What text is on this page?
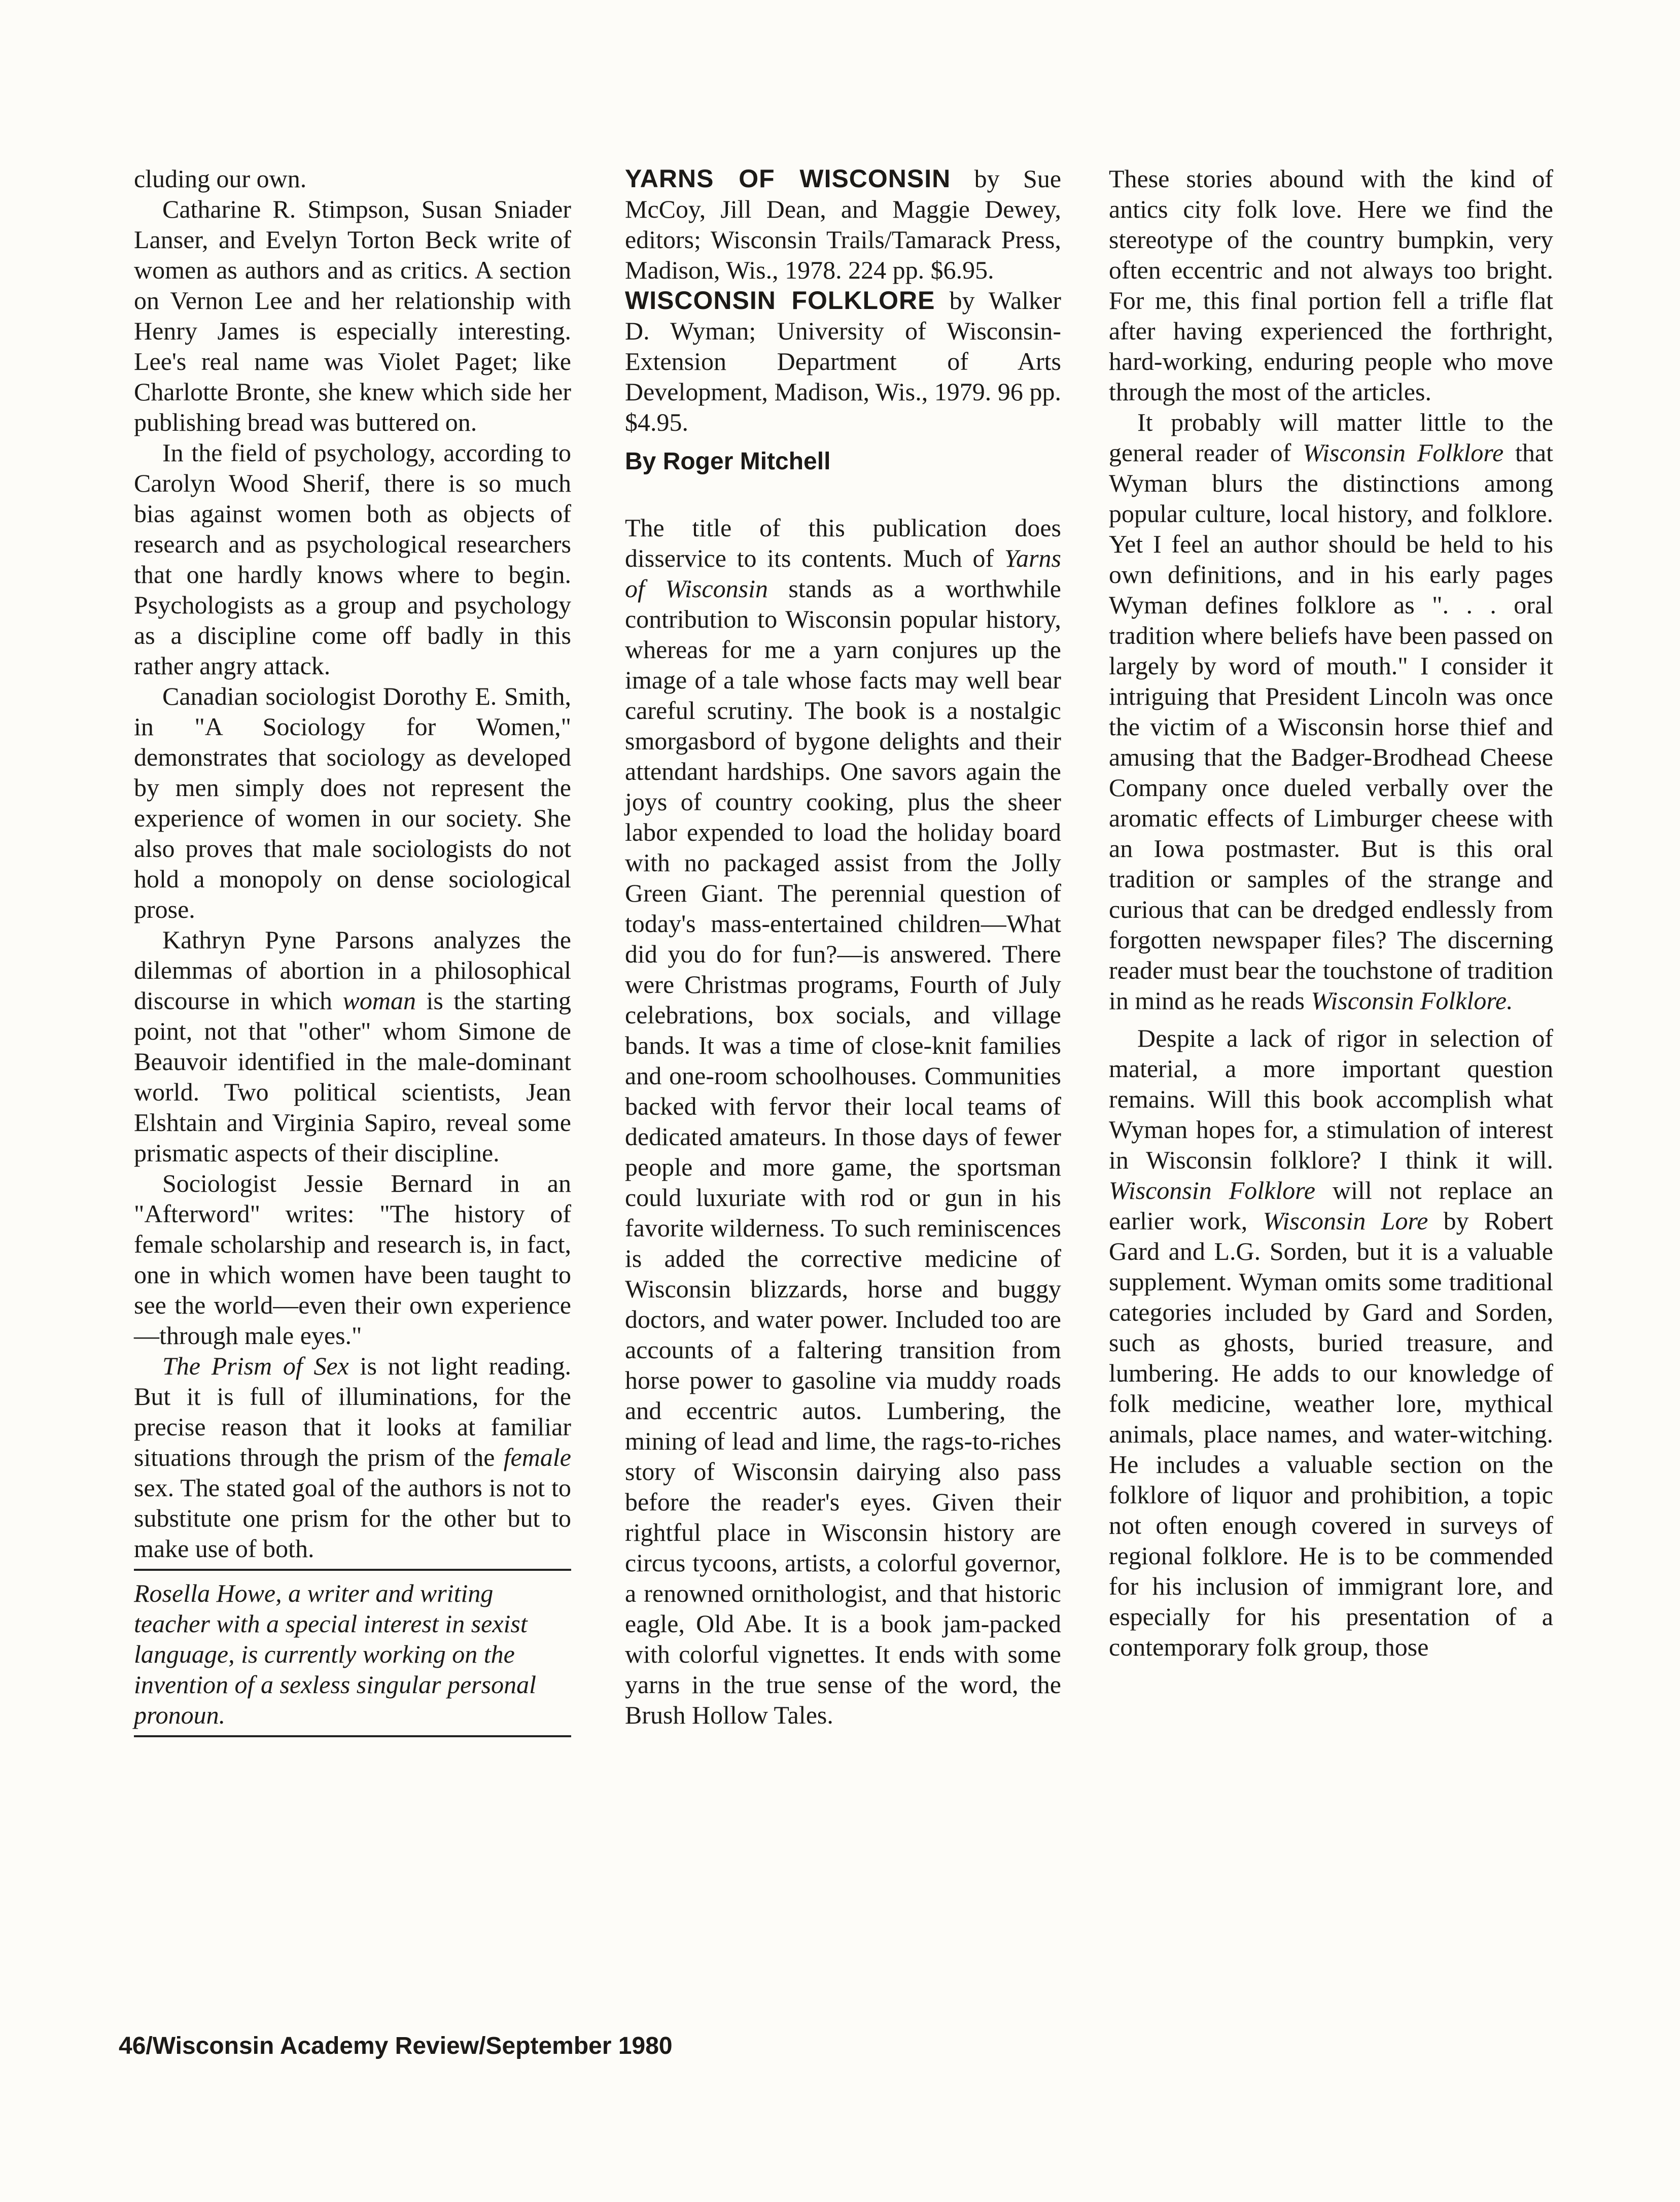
cluding our own.

Catharine R. Stimpson, Susan Sniader Lanser, and Evelyn Torton Beck write of women as authors and as critics. A section on Vernon Lee and her relationship with Henry James is especially interesting. Lee's real name was Violet Paget; like Charlotte Bronte, she knew which side her publishing bread was buttered on.

In the field of psychology, according to Carolyn Wood Sherif, there is so much bias against women both as objects of research and as psychological researchers that one hardly knows where to begin. Psychologists as a group and psychology as a discipline come off badly in this rather angry attack.

Canadian sociologist Dorothy E. Smith, in "A Sociology for Women," demonstrates that sociology as developed by men simply does not represent the experience of women in our society. She also proves that male sociologists do not hold a monopoly on dense sociological prose.

Kathryn Pyne Parsons analyzes the dilemmas of abortion in a philosophical discourse in which woman is the starting point, not that "other" whom Simone de Beauvoir identified in the male-dominant world. Two political scientists, Jean Elshtain and Virginia Sapiro, reveal some prismatic aspects of their discipline.

Sociologist Jessie Bernard in an "Afterword" writes: "The history of female scholarship and research is, in fact, one in which women have been taught to see the world—even their own experience—through male eyes."

The Prism of Sex is not light reading. But it is full of illuminations, for the precise reason that it looks at familiar situations through the prism of the female sex. The stated goal of the authors is not to substitute one prism for the other but to make use of both.

Rosella Howe, a writer and writing teacher with a special interest in sexist language, is currently working on the invention of a sexless singular personal pronoun.

YARNS OF WISCONSIN by Sue McCoy, Jill Dean, and Maggie Dewey, editors; Wisconsin Trails/Tamarack Press, Madison, Wis., 1978. 224 pp. $6.95.

WISCONSIN FOLKLORE by Walker D. Wyman; University of Wisconsin-Extension Department of Arts Development, Madison, Wis., 1979. 96 pp. $4.95.

By Roger Mitchell

The title of this publication does disservice to its contents. Much of Yarns of Wisconsin stands as a worthwhile contribution to Wisconsin popular history, whereas for me a yarn conjures up the image of a tale whose facts may well bear careful scrutiny. The book is a nostalgic smorgasbord of bygone delights and their attendant hardships. One savors again the joys of country cooking, plus the sheer labor expended to load the holiday board with no packaged assist from the Jolly Green Giant. The perennial question of today's mass-entertained children—What did you do for fun?—is answered. There were Christmas programs, Fourth of July celebrations, box socials, and village bands. It was a time of close-knit families and one-room schoolhouses. Communities backed with fervor their local teams of dedicated amateurs. In those days of fewer people and more game, the sportsman could luxuriate with rod or gun in his favorite wilderness. To such reminiscences is added the corrective medicine of Wisconsin blizzards, horse and buggy doctors, and water power. Included too are accounts of a faltering transition from horse power to gasoline via muddy roads and eccentric autos. Lumbering, the mining of lead and lime, the rags-to-riches story of Wisconsin dairying also pass before the reader's eyes. Given their rightful place in Wisconsin history are circus tycoons, artists, a colorful governor, a renowned ornithologist, and that historic eagle, Old Abe. It is a book jam-packed with colorful vignettes. It ends with some yarns in the true sense of the word, the Brush Hollow Tales.

These stories abound with the kind of antics city folk love. Here we find the stereotype of the country bumpkin, very often eccentric and not always too bright. For me, this final portion fell a trifle flat after having experienced the forthright, hard-working, enduring people who move through the most of the articles.

It probably will matter little to the general reader of Wisconsin Folklore that Wyman blurs the distinctions among popular culture, local history, and folklore. Yet I feel an author should be held to his own definitions, and in his early pages Wyman defines folklore as ". . . oral tradition where beliefs have been passed on largely by word of mouth." I consider it intriguing that President Lincoln was once the victim of a Wisconsin horse thief and amusing that the Badger-Brodhead Cheese Company once dueled verbally over the aromatic effects of Limburger cheese with an Iowa postmaster. But is this oral tradition or samples of the strange and curious that can be dredged endlessly from forgotten newspaper files? The discerning reader must bear the touchstone of tradition in mind as he reads Wisconsin Folklore.

Despite a lack of rigor in selection of material, a more important question remains. Will this book accomplish what Wyman hopes for, a stimulation of interest in Wisconsin folklore? I think it will. Wisconsin Folklore will not replace an earlier work, Wisconsin Lore by Robert Gard and L.G. Sorden, but it is a valuable supplement. Wyman omits some traditional categories included by Gard and Sorden, such as ghosts, buried treasure, and lumbering. He adds to our knowledge of folk medicine, weather lore, mythical animals, place names, and water-witching. He includes a valuable section on the folklore of liquor and prohibition, a topic not often enough covered in surveys of regional folklore. He is to be commended for his inclusion of immigrant lore, and especially for his presentation of a contemporary folk group, those

46/Wisconsin Academy Review/September 1980
